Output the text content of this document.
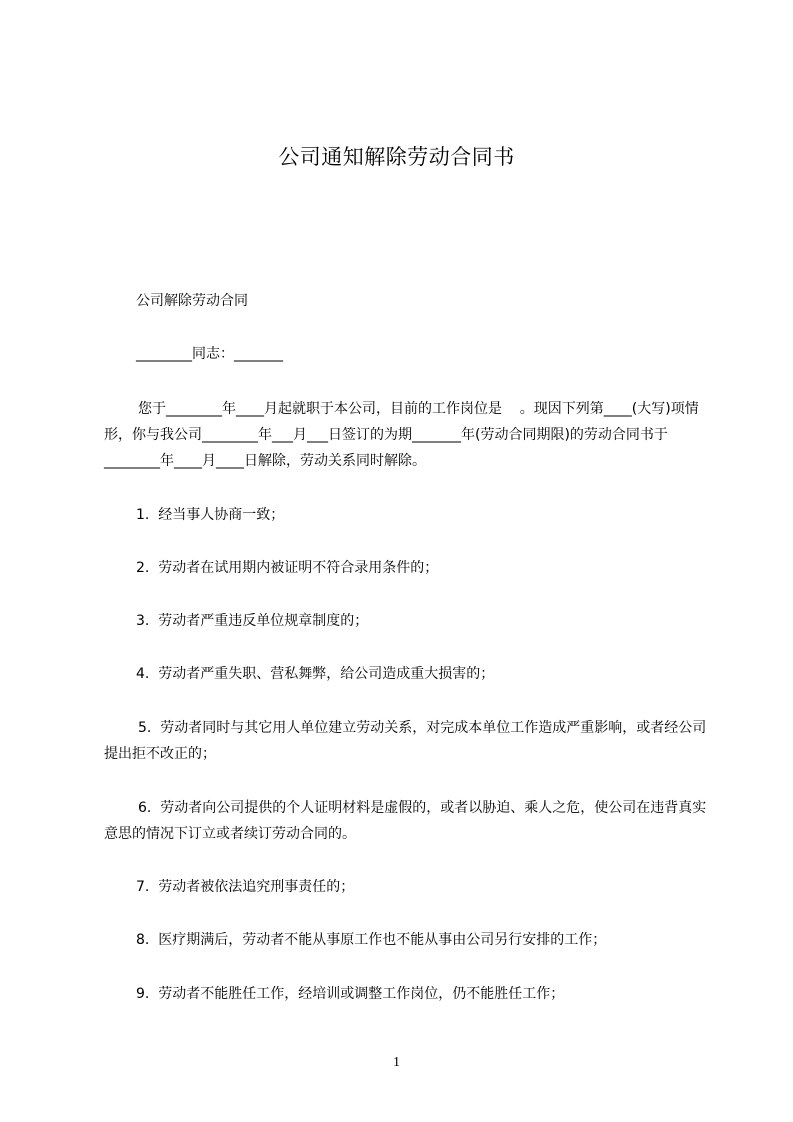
公司通知解除劳动合同书
公司解除劳动合同
________同志：_______
您于________年____月起就职于本公司，目前的工作岗位是    。现因下列第____(大写)项情形，你与我公司________年___月___日签订的为期_______年(劳动合同期限)的劳动合同书于________年____月____日解除，劳动关系同时解除。
1.  经当事人协商一致；
2.  劳动者在试用期内被证明不符合录用条件的；
3.  劳动者严重违反单位规章制度的；
4.  劳动者严重失职、营私舞弊，给公司造成重大损害的；
5.  劳动者同时与其它用人单位建立劳动关系，对完成本单位工作造成严重影响，或者经公司提出拒不改正的；
6.  劳动者向公司提供的个人证明材料是虚假的，或者以胁迫、乘人之危，使公司在违背真实意思的情况下订立或者续订劳动合同的。
7.  劳动者被依法追究刑事责任的；
8.  医疗期满后，劳动者不能从事原工作也不能从事由公司另行安排的工作；
9.  劳动者不能胜任工作，经培训或调整工作岗位，仍不能胜任工作；
1
